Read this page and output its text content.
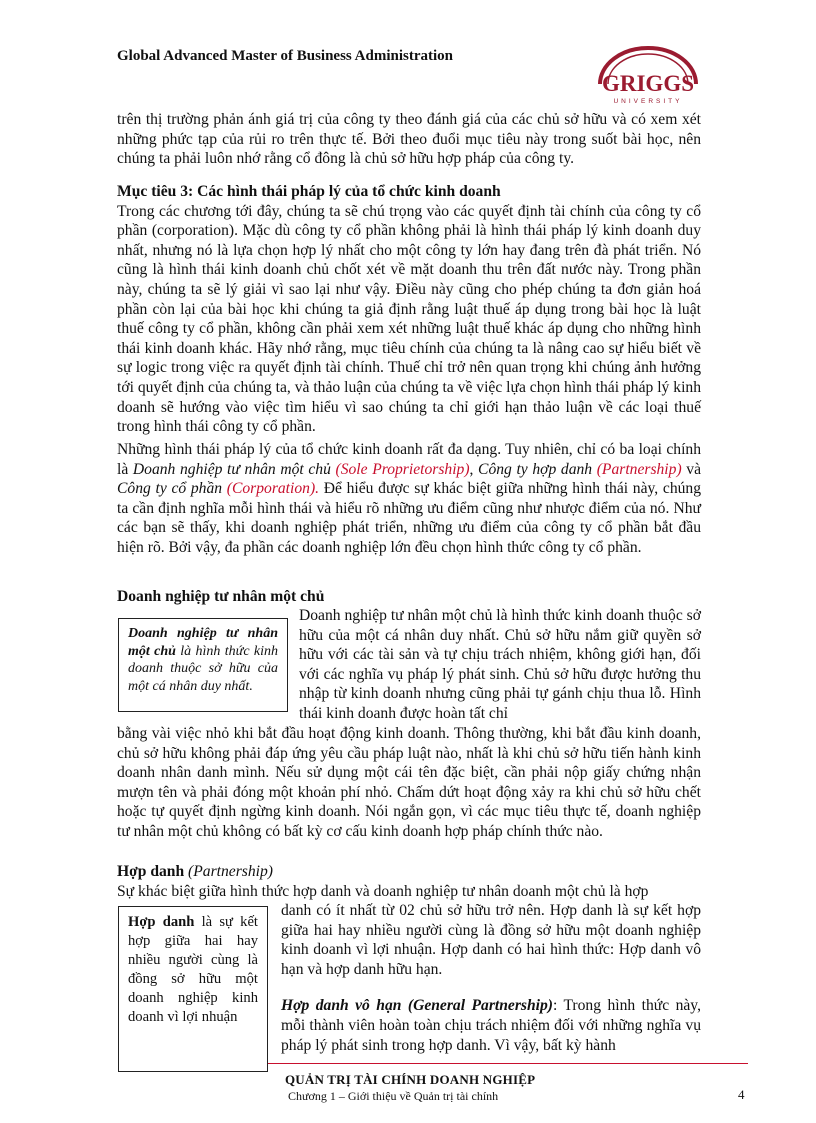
Global Advanced Master of Business Administration
GRIGGS
UNIVERSITY

trên thị trường phản ánh giá trị của công ty theo đánh giá của các chủ sở hữu và có xem xét những phức tạp của rủi ro trên thực tế. Bởi theo đuổi mục tiêu này trong suốt bài học, nên chúng ta phải luôn nhớ rằng cổ đông là chủ sở hữu hợp pháp của công ty.

Mục tiêu 3: Các hình thái pháp lý của tổ chức kinh doanh

Trong các chương tới đây, chúng ta sẽ chú trọng vào các quyết định tài chính của công ty cổ phần (corporation). Mặc dù công ty cổ phần không phải là hình thái pháp lý kinh doanh duy nhất, nhưng nó là lựa chọn hợp lý nhất cho một công ty lớn hay đang trên đà phát triển. Nó cũng là hình thái kinh doanh chủ chốt xét về mặt doanh thu trên đất nước này. Trong phần này, chúng ta sẽ lý giải vì sao lại như vậy. Điều này cũng cho phép chúng ta đơn giản hoá phần còn lại của bài học khi chúng ta giả định rằng luật thuế áp dụng trong bài học là luật thuế công ty cổ phần, không cần phải xem xét những luật thuế khác áp dụng cho những hình thái kinh doanh khác. Hãy nhớ rằng, mục tiêu chính của chúng ta là nâng cao sự hiểu biết về sự logic trong việc ra quyết định tài chính. Thuế chỉ trở nên quan trọng khi chúng ảnh hưởng tới quyết định của chúng ta, và thảo luận của chúng ta về việc lựa chọn hình thái pháp lý kinh doanh sẽ hướng vào việc tìm hiểu vì sao chúng ta chỉ giới hạn thảo luận về các loại thuế trong hình thái công ty cổ phần.

Những hình thái pháp lý của tổ chức kinh doanh rất đa dạng. Tuy nhiên, chỉ có ba loại chính là Doanh nghiệp tư nhân một chủ (Sole Proprietorship), Công ty hợp danh (Partnership) và Công ty cổ phần (Corporation). Để hiểu được sự khác biệt giữa những hình thái này, chúng ta cần định nghĩa mỗi hình thái và hiểu rõ những ưu điểm cũng như nhược điểm của nó. Như các bạn sẽ thấy, khi doanh nghiệp phát triển, những ưu điểm của công ty cổ phần bắt đầu hiện rõ. Bởi vậy, đa phần các doanh nghiệp lớn đều chọn hình thức công ty cổ phần.

Doanh nghiệp tư nhân một chủ
Doanh nghiệp tư nhân một chủ là hình thức kinh doanh thuộc sở hữu của một cá nhân duy nhất.

Doanh nghiệp tư nhân một chủ là hình thức kinh doanh thuộc sở hữu của một cá nhân duy nhất. Chủ sở hữu nắm giữ quyền sở hữu với các tài sản và tự chịu trách nhiệm, không giới hạn, đối với các nghĩa vụ pháp lý phát sinh. Chủ sở hữu được hưởng thu nhập từ kinh doanh nhưng cũng phải tự gánh chịu thua lỗ. Hình thái kinh doanh được hoàn tất chỉ

bằng vài việc nhỏ khi bắt đầu hoạt động kinh doanh. Thông thường, khi bắt đầu kinh doanh, chủ sở hữu không phải đáp ứng yêu cầu pháp luật nào, nhất là khi chủ sở hữu tiến hành kinh doanh nhân danh mình. Nếu sử dụng một cái tên đặc biệt, cần phải nộp giấy chứng nhận mượn tên và phải đóng một khoản phí nhỏ. Chấm dứt hoạt động xảy ra khi chủ sở hữu chết hoặc tự quyết định ngừng kinh doanh. Nói ngắn gọn, vì các mục tiêu thực tế, doanh nghiệp tư nhân một chủ không có bất kỳ cơ cấu kinh doanh hợp pháp chính thức nào.

Hợp danh (Partnership)

Sự khác biệt giữa hình thức hợp danh và doanh nghiệp tư nhân doanh một chủ là hợp

Hợp danh là sự kết hợp giữa hai hay nhiều người cùng là đồng sở hữu một doanh nghiệp kinh doanh vì lợi nhuận

danh có ít nhất từ 02 chủ sở hữu trở nên. Hợp danh là sự kết hợp giữa hai hay nhiều người cùng là đồng sở hữu một doanh nghiệp kinh doanh vì lợi nhuận. Hợp danh có hai hình thức: Hợp danh vô hạn và hợp danh hữu hạn.

Hợp danh vô hạn (General Partnership): Trong hình thức này, mỗi thành viên hoàn toàn chịu trách nhiệm đối với những nghĩa vụ pháp lý phát sinh trong hợp danh. Vì vậy, bất kỳ hành

QUẢN TRỊ TÀI CHÍNH DOANH NGHIỆP
Chương 1 – Giới thiệu về Quản trị tài chính	4
